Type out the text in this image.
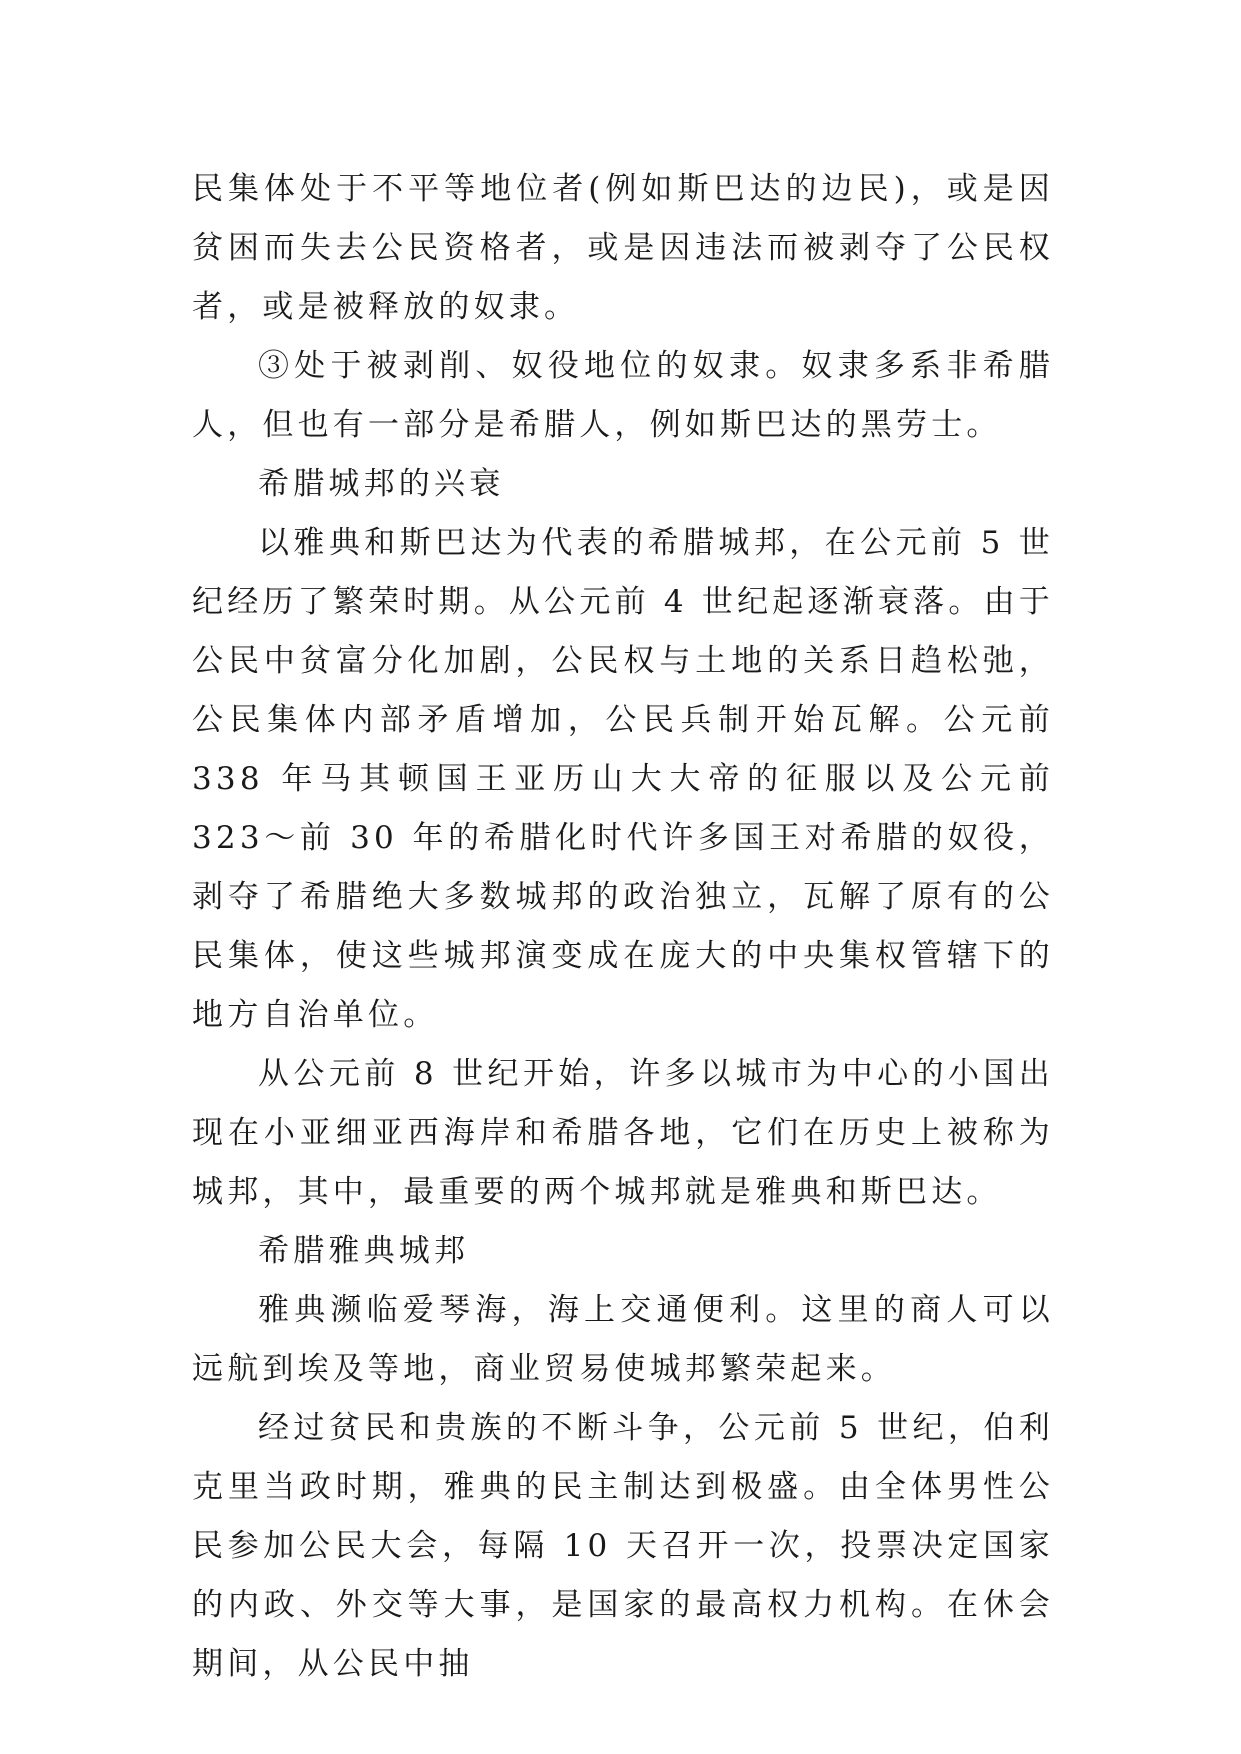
民集体处于不平等地位者(例如斯巴达的边民)，或是因贫困而失去公民资格者，或是因违法而被剥夺了公民权者，或是被释放的奴隶。

③处于被剥削、奴役地位的奴隶。奴隶多系非希腊人，但也有一部分是希腊人，例如斯巴达的黑劳士。

希腊城邦的兴衰

以雅典和斯巴达为代表的希腊城邦，在公元前 5 世纪经历了繁荣时期。从公元前 4 世纪起逐渐衰落。由于公民中贫富分化加剧，公民权与土地的关系日趋松弛，公民集体内部矛盾增加，公民兵制开始瓦解。公元前 338 年马其顿国王亚历山大大帝的征服以及公元前 323～前 30 年的希腊化时代许多国王对希腊的奴役，剥夺了希腊绝大多数城邦的政治独立，瓦解了原有的公民集体，使这些城邦演变成在庞大的中央集权管辖下的地方自治单位。

从公元前 8 世纪开始，许多以城市为中心的小国出现在小亚细亚西海岸和希腊各地，它们在历史上被称为城邦，其中，最重要的两个城邦就是雅典和斯巴达。

希腊雅典城邦

雅典濒临爱琴海，海上交通便利。这里的商人可以远航到埃及等地，商业贸易使城邦繁荣起来。

经过贫民和贵族的不断斗争，公元前 5 世纪，伯利克里当政时期，雅典的民主制达到极盛。由全体男性公民参加公民大会，每隔 10 天召开一次，投票决定国家的内政、外交等大事，是国家的最高权力机构。在休会期间，从公民中抽
